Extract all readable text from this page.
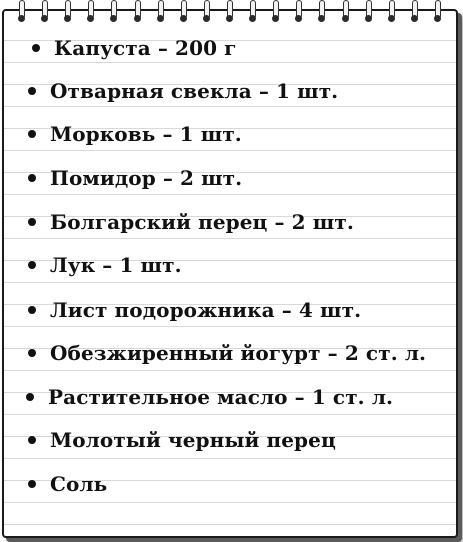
Капуста – 200 г
Отварная свекла – 1 шт.
Морковь – 1 шт.
Помидор – 2 шт.
Болгарский перец – 2 шт.
Лук – 1 шт.
Лист подорожника – 4 шт.
Обезжиренный йогурт – 2 ст. л.
Растительное масло – 1 ст. л.
Молотый черный перец
Соль
